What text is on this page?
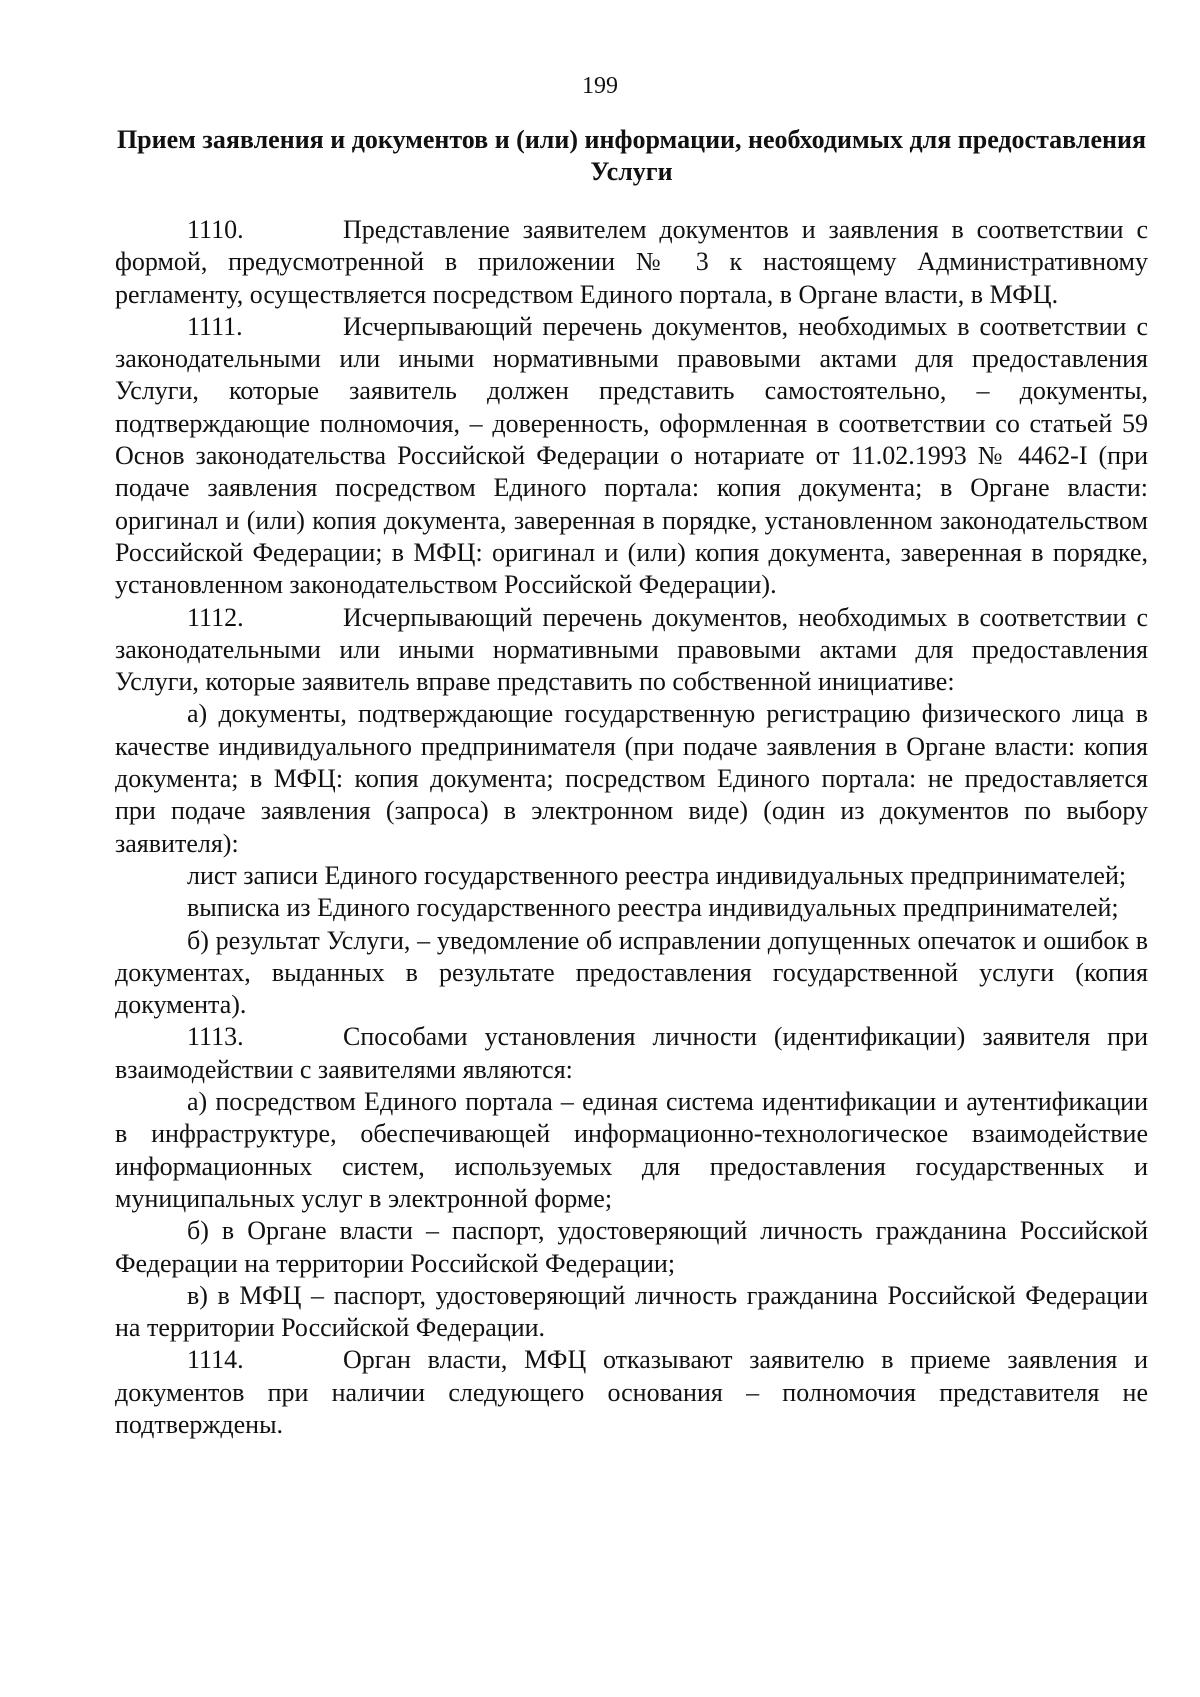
199
Прием заявления и документов и (или) информации, необходимых для предоставления Услуги

1110.	Представление заявителем документов и заявления в соответствии с формой, предусмотренной в приложении № 3 к настоящему Административному регламенту, осуществляется посредством Единого портала, в Органе власти, в МФЦ.

1111.	Исчерпывающий перечень документов, необходимых в соответствии с законодательными или иными нормативными правовыми актами для предоставления Услуги, которые заявитель должен представить самостоятельно, – документы, подтверждающие полномочия, – доверенность, оформленная в соответствии со статьей 59 Основ законодательства Российской Федерации о нотариате от 11.02.1993 № 4462-I (при подаче заявления посредством Единого портала: копия документа; в Органе власти: оригинал и (или) копия документа, заверенная в порядке, установленном законодательством Российской Федерации; в МФЦ: оригинал и (или) копия документа, заверенная в порядке, установленном законодательством Российской Федерации).

1112.	Исчерпывающий перечень документов, необходимых в соответствии с законодательными или иными нормативными правовыми актами для предоставления Услуги, которые заявитель вправе представить по собственной инициативе:

а) документы, подтверждающие государственную регистрацию физического лица в качестве индивидуального предпринимателя (при подаче заявления в Органе власти: копия документа; в МФЦ: копия документа; посредством Единого портала: не предоставляется при подаче заявления (запроса) в электронном виде) (один из документов по выбору заявителя):

лист записи Единого государственного реестра индивидуальных предпринимателей;

выписка из Единого государственного реестра индивидуальных предпринимателей;

б) результат Услуги, – уведомление об исправлении допущенных опечаток и ошибок в документах, выданных в результате предоставления государственной услуги (копия документа).

1113.	Способами установления личности (идентификации) заявителя при взаимодействии с заявителями являются:

а) посредством Единого портала – единая система идентификации и аутентификации в инфраструктуре, обеспечивающей информационно-технологическое взаимодействие информационных систем, используемых для предоставления государственных и муниципальных услуг в электронной форме;

б) в Органе власти – паспорт, удостоверяющий личность гражданина Российской Федерации на территории Российской Федерации;

в) в МФЦ – паспорт, удостоверяющий личность гражданина Российской Федерации на территории Российской Федерации.

1114.	Орган власти, МФЦ отказывают заявителю в приеме заявления и документов при наличии следующего основания – полномочия представителя не подтверждены.
